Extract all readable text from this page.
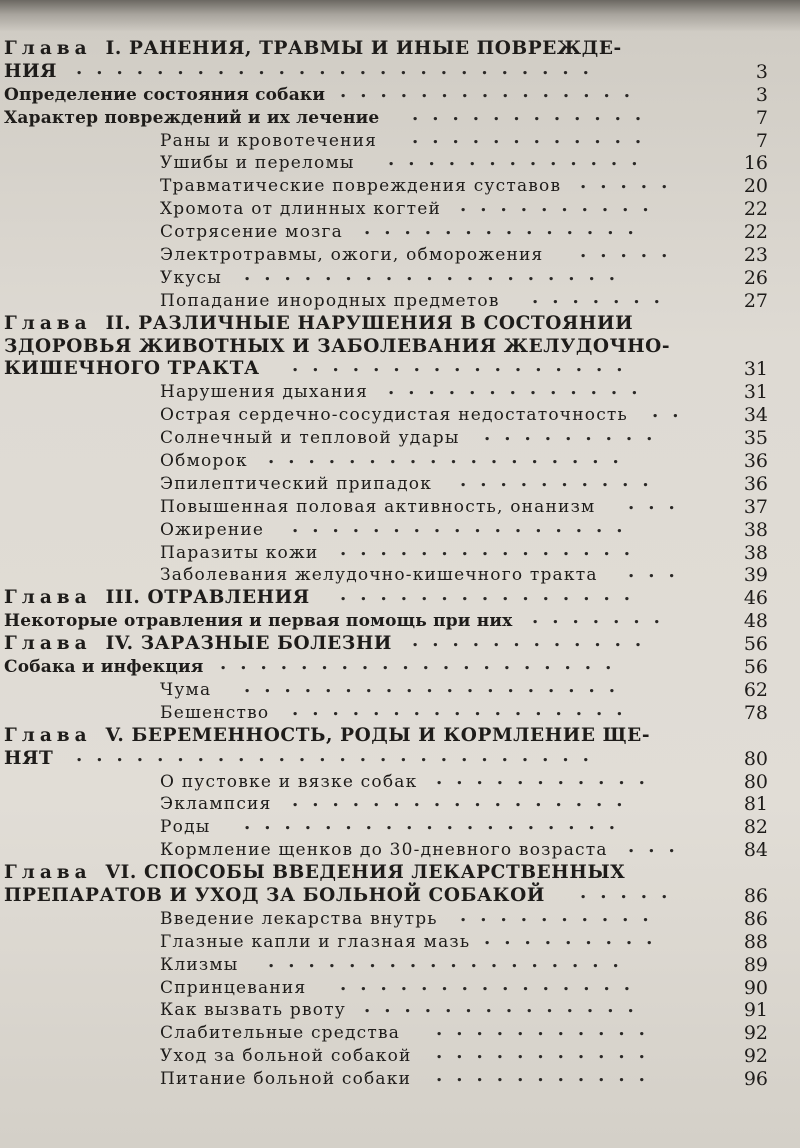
Глава I. РАНЕНИЯ, ТРАВМЫ И ИНЫЕ ПОВРЕЖДЕ-
НИЯ ..........................	3
Определение состояния собаки ...............	3
Характер повреждений и их лечение ............	7
Раны и кровотечения ............	7
Ушибы и переломы .............	16
Травматические повреждения суставов .....	20
Хромота от длинных когтей ..........	22
Сотрясение мозга ..............	22
Электротравмы, ожоги, обморожения .....	23
Укусы ...................	26
Попадание инородных предметов .......	27
Глава II. РАЗЛИЧНЫЕ НАРУШЕНИЯ В СОСТОЯНИИ
ЗДОРОВЬЯ ЖИВОТНЫХ И ЗАБОЛЕВАНИЯ ЖЕЛУДОЧНО-
КИШЕЧНОГО ТРАКТА .................	31
Нарушения дыхания .............	31
Острая сердечно-сосудистая недостаточность ..	34
Солнечный и тепловой удары .........	35
Обморок ..................	36
Эпилептический припадок ..........	36
Повышенная половая активность, онанизм ...	37
Ожирение .................	38
Паразиты кожи ...............	38
Заболевания желудочно-кишечного тракта ...	39
Глава III. ОТРАВЛЕНИЯ ...............	46
Некоторые отравления и первая помощь при них .......	48
Глава IV. ЗАРАЗНЫЕ БОЛЕЗНИ ............	56
Собака и инфекция ....................	56
Чума ...................	62
Бешенство .................	78
Глава V. БЕРЕМЕННОСТЬ, РОДЫ И КОРМЛЕНИЕ ЩЕ-
НЯТ ..........................	80
О пустовке и вязке собак ...........	80
Эклампсия .................	81
Роды ...................	82
Кормление щенков до 30-дневного возраста ...	84
Глава VI. СПОСОБЫ ВВЕДЕНИЯ ЛЕКАРСТВЕННЫХ
ПРЕПАРАТОВ И УХОД ЗА БОЛЬНОЙ СОБАКОЙ .....	86
Введение лекарства внутрь ..........	86
Глазные капли и глазная мазь .........	88
Клизмы ..................	89
Спринцевания ...............	90
Как вызвать рвоту ..............	91
Слабительные средства ...........	92
Уход за больной собакой ...........	92
Питание больной собаки ...........	96
